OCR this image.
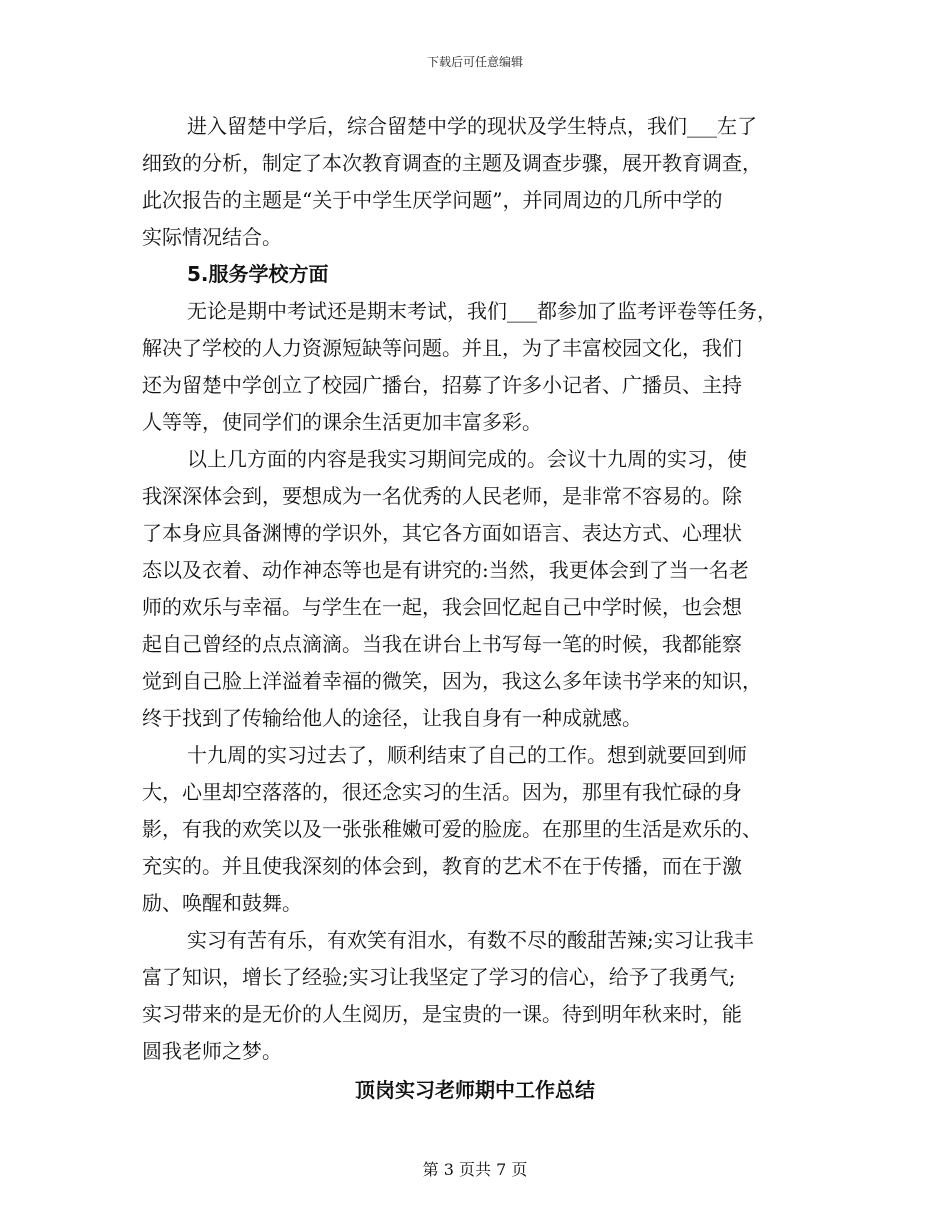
下载后可任意编辑
进入留楚中学后，综合留楚中学的现状及学生特点，我们___左了
细致的分析，制定了本次教育调查的主题及调查步骤，展开教育调查，
此次报告的主题是“关于中学生厌学问题”，并同周边的几所中学的
实际情况结合。
5.服务学校方面
无论是期中考试还是期末考试，我们___都参加了监考评卷等任务，
解决了学校的人力资源短缺等问题。并且，为了丰富校园文化，我们
还为留楚中学创立了校园广播台，招募了许多小记者、广播员、主持
人等等，使同学们的课余生活更加丰富多彩。
以上几方面的内容是我实习期间完成的。会议十九周的实习，使
我深深体会到，要想成为一名优秀的人民老师，是非常不容易的。除
了本身应具备渊博的学识外，其它各方面如语言、表达方式、心理状
态以及衣着、动作神态等也是有讲究的:当然，我更体会到了当一名老
师的欢乐与幸福。与学生在一起，我会回忆起自己中学时候，也会想
起自己曾经的点点滴滴。当我在讲台上书写每一笔的时候，我都能察
觉到自己脸上洋溢着幸福的微笑，因为，我这么多年读书学来的知识，
终于找到了传输给他人的途径，让我自身有一种成就感。
十九周的实习过去了，顺利结束了自己的工作。想到就要回到师
大，心里却空落落的，很还念实习的生活。因为，那里有我忙碌的身
影，有我的欢笑以及一张张稚嫩可爱的脸庞。在那里的生活是欢乐的、
充实的。并且使我深刻的体会到，教育的艺术不在于传播，而在于激
励、唤醒和鼓舞。
实习有苦有乐，有欢笑有泪水，有数不尽的酸甜苦辣;实习让我丰
富了知识，增长了经验;实习让我坚定了学习的信心，给予了我勇气;
实习带来的是无价的人生阅历，是宝贵的一课。待到明年秋来时，能
圆我老师之梦。
顶岗实习老师期中工作总结
第 3 页共 7 页
